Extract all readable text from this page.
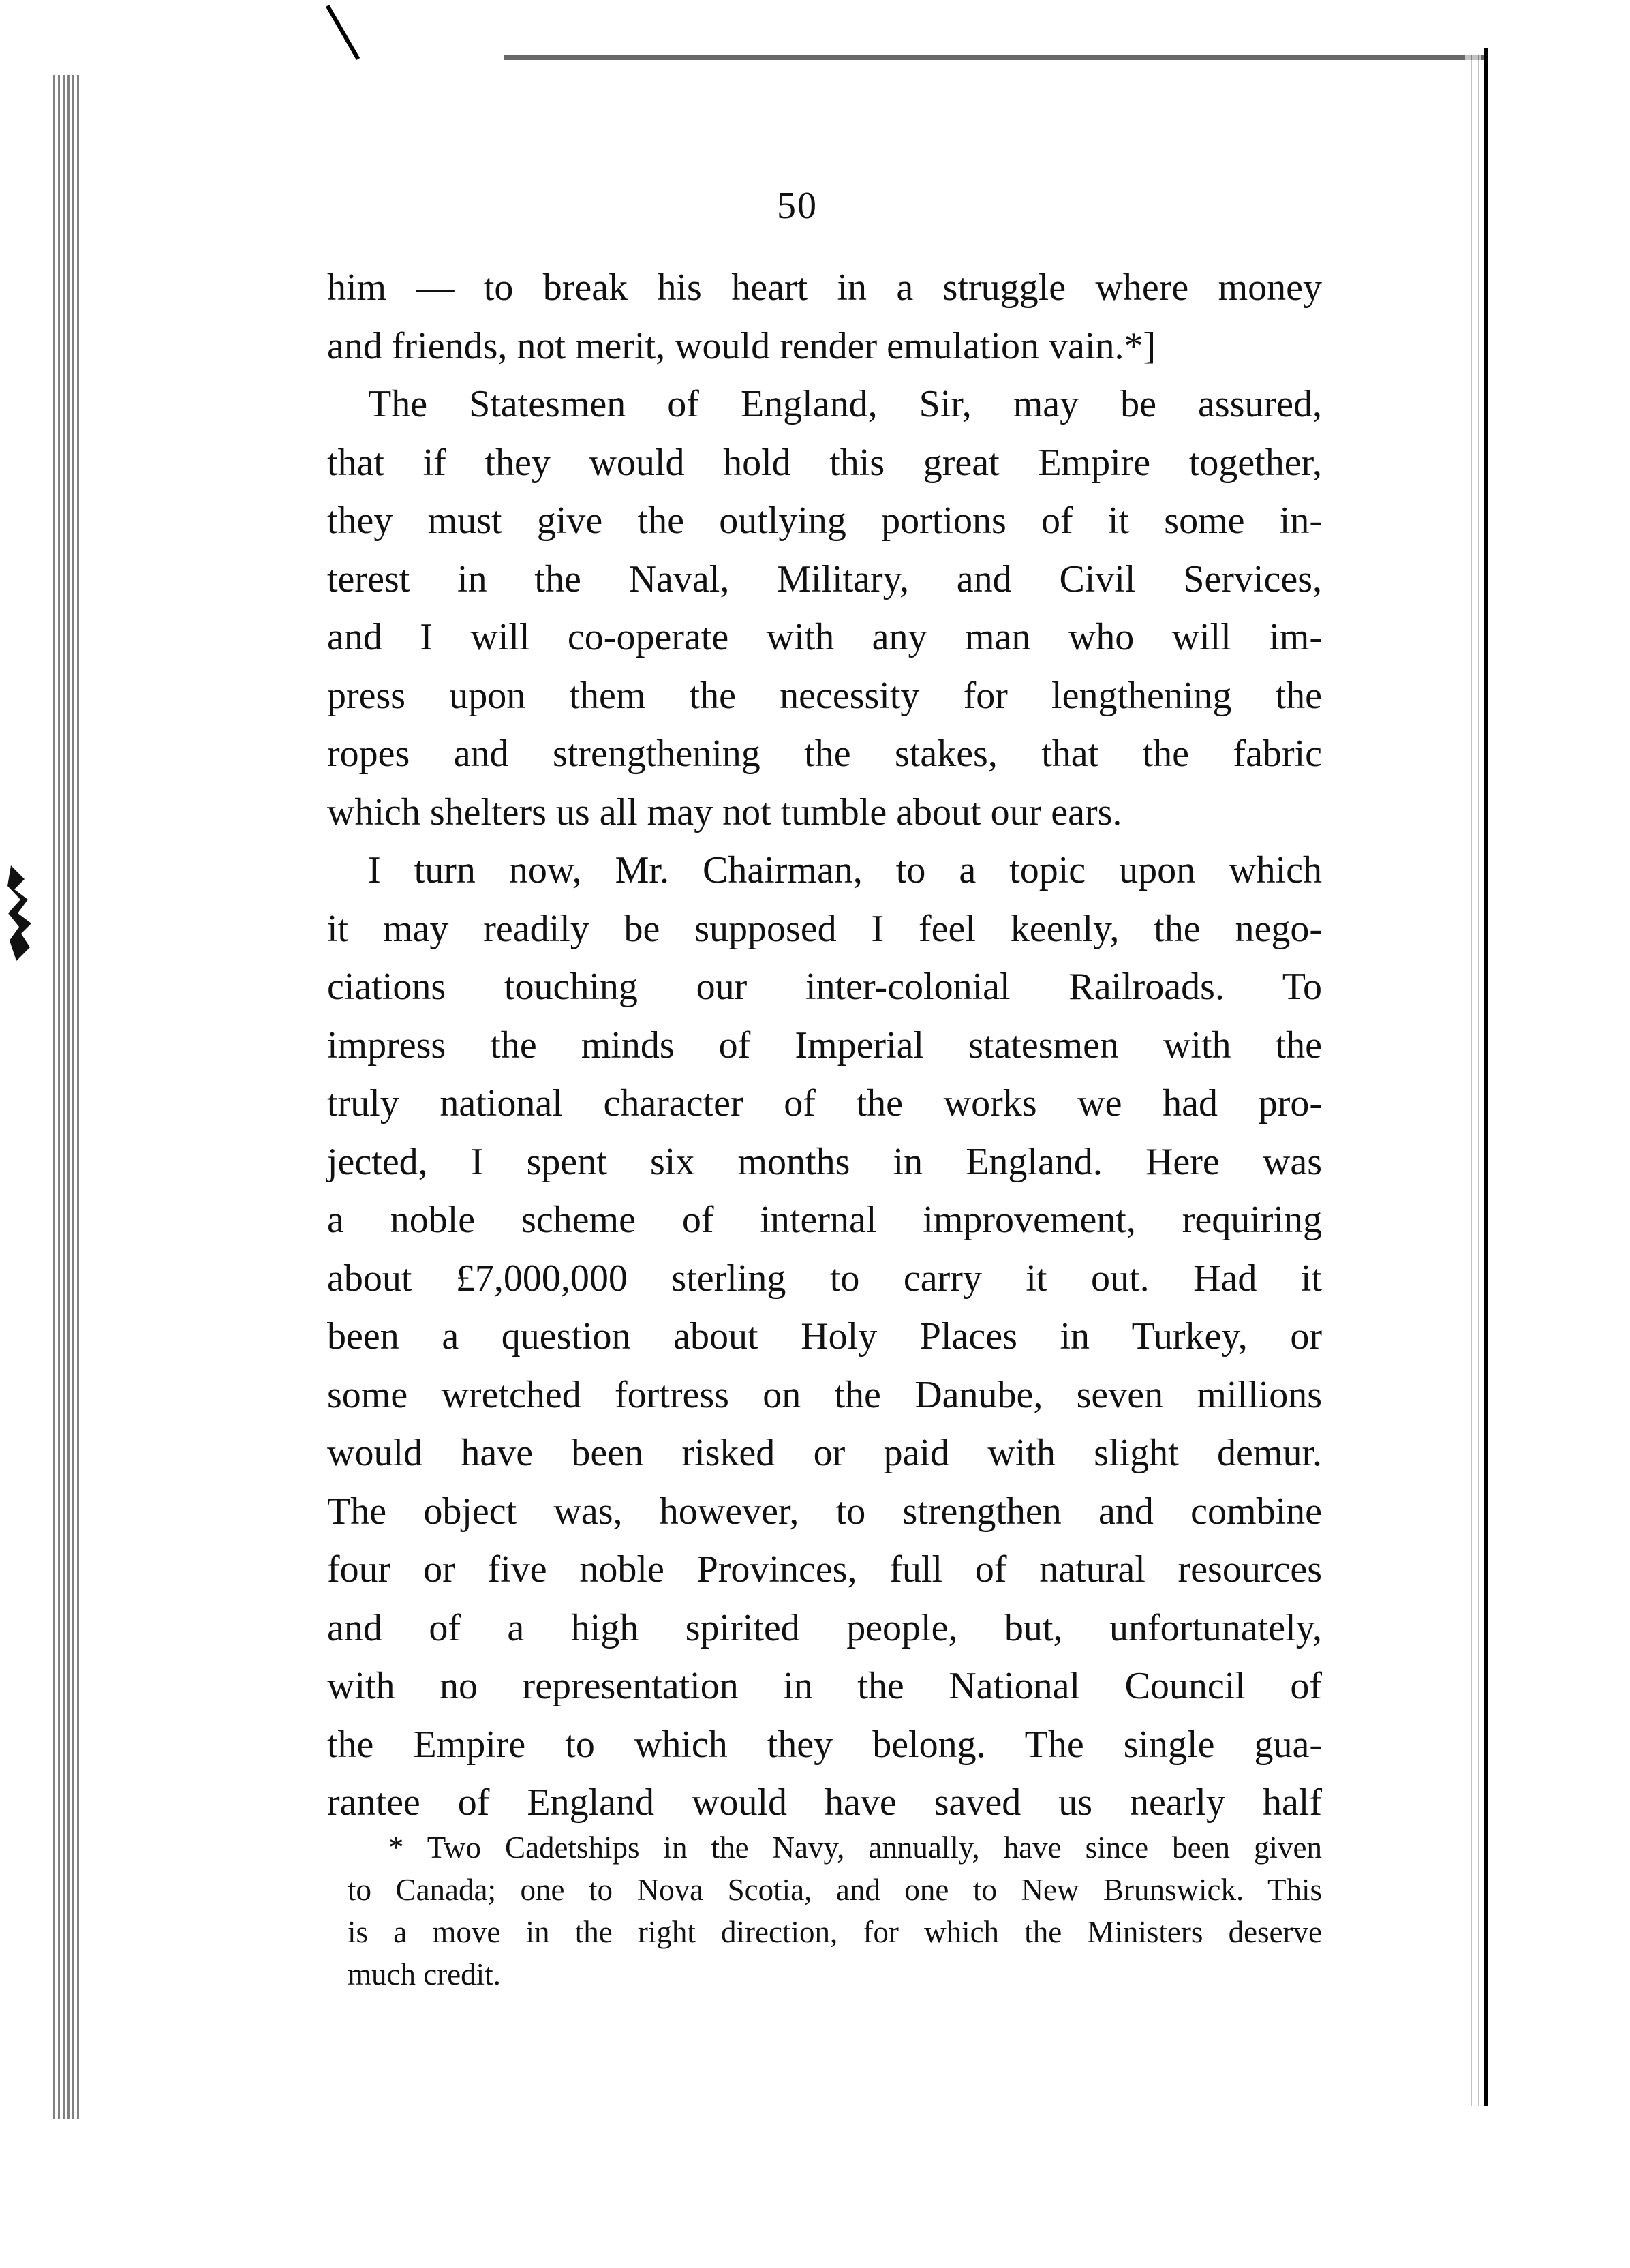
50
him — to break his heart in a struggle where money
and friends, not merit, would render emulation vain.*]
The Statesmen of England, Sir, may be assured,
that if they would hold this great Empire together,
they must give the outlying portions of it some in-
terest in the Naval, Military, and Civil Services,
and I will co-operate with any man who will im-
press upon them the necessity for lengthening the
ropes and strengthening the stakes, that the fabric
which shelters us all may not tumble about our ears.
I turn now, Mr. Chairman, to a topic upon which
it may readily be supposed I feel keenly, the nego-
ciations touching our inter-colonial Railroads. To
impress the minds of Imperial statesmen with the
truly national character of the works we had pro-
jected, I spent six months in England. Here was
a noble scheme of internal improvement, requiring
about £7,000,000 sterling to carry it out. Had it
been a question about Holy Places in Turkey, or
some wretched fortress on the Danube, seven millions
would have been risked or paid with slight demur.
The object was, however, to strengthen and combine
four or five noble Provinces, full of natural resources
and of a high spirited people, but, unfortunately,
with no representation in the National Council of
the Empire to which they belong. The single gua-
rantee of England would have saved us nearly half
* Two Cadetships in the Navy, annually, have since been given
to Canada; one to Nova Scotia, and one to New Brunswick. This
is a move in the right direction, for which the Ministers deserve
much credit.
